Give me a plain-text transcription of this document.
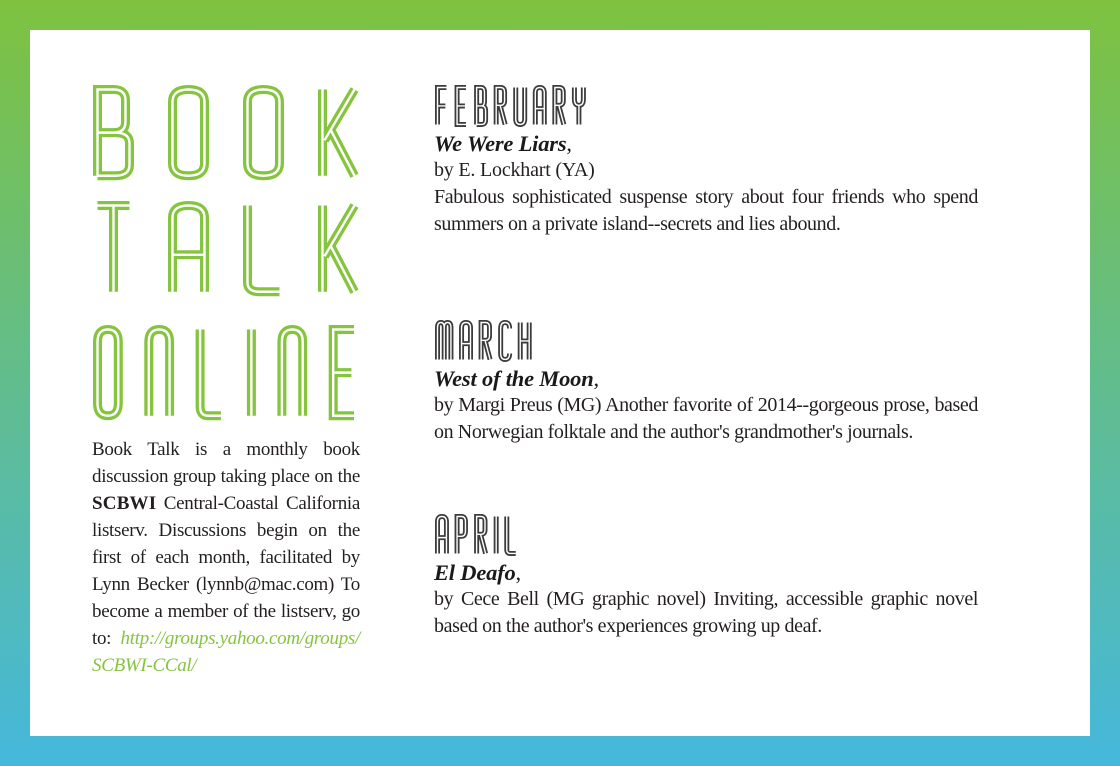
Book Talk is a monthly book discussion group taking place on the SCBWI Central-Coastal California listserv. Discussions begin on the first of each month, facilitated by Lynn Becker (lynnb@mac.com) To become a member of the listserv, go to: http://groups.yahoo.com/groups/SCBWI-CCal/

We Were Liars,

by E. Lockhart (YA)

Fabulous sophisticated suspense story about four friends who spend summers on a private island--secrets and lies abound.

West of the Moon,

by Margi Preus (MG) Another favorite of 2014--gorgeous prose, based on Norwegian folktale and the author's grandmother's journals.

El Deafo,

by Cece Bell (MG graphic novel) Inviting, accessible graphic novel based on the author's experiences growing up deaf.
